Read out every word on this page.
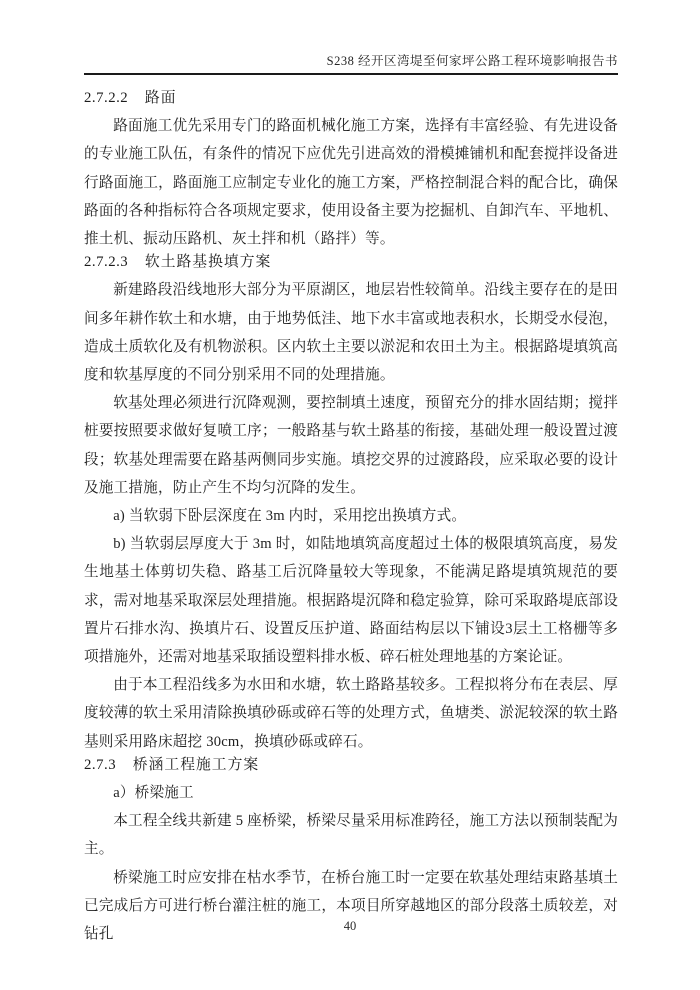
S238 经开区湾堤至何家坪公路工程环境影响报告书
2.7.2.2 路面

路面施工优先采用专门的路面机械化施工方案，选择有丰富经验、有先进设备的专业施工队伍，有条件的情况下应优先引进高效的滑模摊铺机和配套搅拌设备进行路面施工，路面施工应制定专业化的施工方案，严格控制混合料的配合比，确保路面的各种指标符合各项规定要求，使用设备主要为挖掘机、自卸汽车、平地机、推土机、振动压路机、灰土拌和机（路拌）等。

2.7.2.3 软土路基换填方案

新建路段沿线地形大部分为平原湖区，地层岩性较简单。沿线主要存在的是田间多年耕作软土和水塘，由于地势低洼、地下水丰富或地表积水，长期受水侵泡，造成土质软化及有机物淤积。区内软土主要以淤泥和农田土为主。根据路堤填筑高度和软基厚度的不同分别采用不同的处理措施。

软基处理必须进行沉降观测，要控制填土速度，预留充分的排水固结期；搅拌桩要按照要求做好复喷工序；一般路基与软土路基的衔接，基础处理一般设置过渡段；软基处理需要在路基两侧同步实施。填挖交界的过渡路段，应采取必要的设计及施工措施，防止产生不均匀沉降的发生。

a) 当软弱下卧层深度在 3m 内时，采用挖出换填方式。

b) 当软弱层厚度大于 3m 时，如陆地填筑高度超过土体的极限填筑高度，易发生地基土体剪切失稳、路基工后沉降量较大等现象，不能满足路堤填筑规范的要求，需对地基采取深层处理措施。根据路堤沉降和稳定验算，除可采取路堤底部设置片石排水沟、换填片石、设置反压护道、路面结构层以下铺设3层土工格栅等多项措施外，还需对地基采取插设塑料排水板、碎石桩处理地基的方案论证。

由于本工程沿线多为水田和水塘，软土路路基较多。工程拟将分布在表层、厚度较薄的软土采用清除换填砂砾或碎石等的处理方式，鱼塘类、淤泥较深的软土路基则采用路床超挖 30cm，换填砂砾或碎石。

2.7.3 桥涵工程施工方案

a）桥梁施工

本工程全线共新建 5 座桥梁，桥梁尽量采用标准跨径，施工方法以预制装配为主。

桥梁施工时应安排在枯水季节，在桥台施工时一定要在软基处理结束路基填土已完成后方可进行桥台灌注桩的施工，本项目所穿越地区的部分段落土质较差，对钻孔

40
